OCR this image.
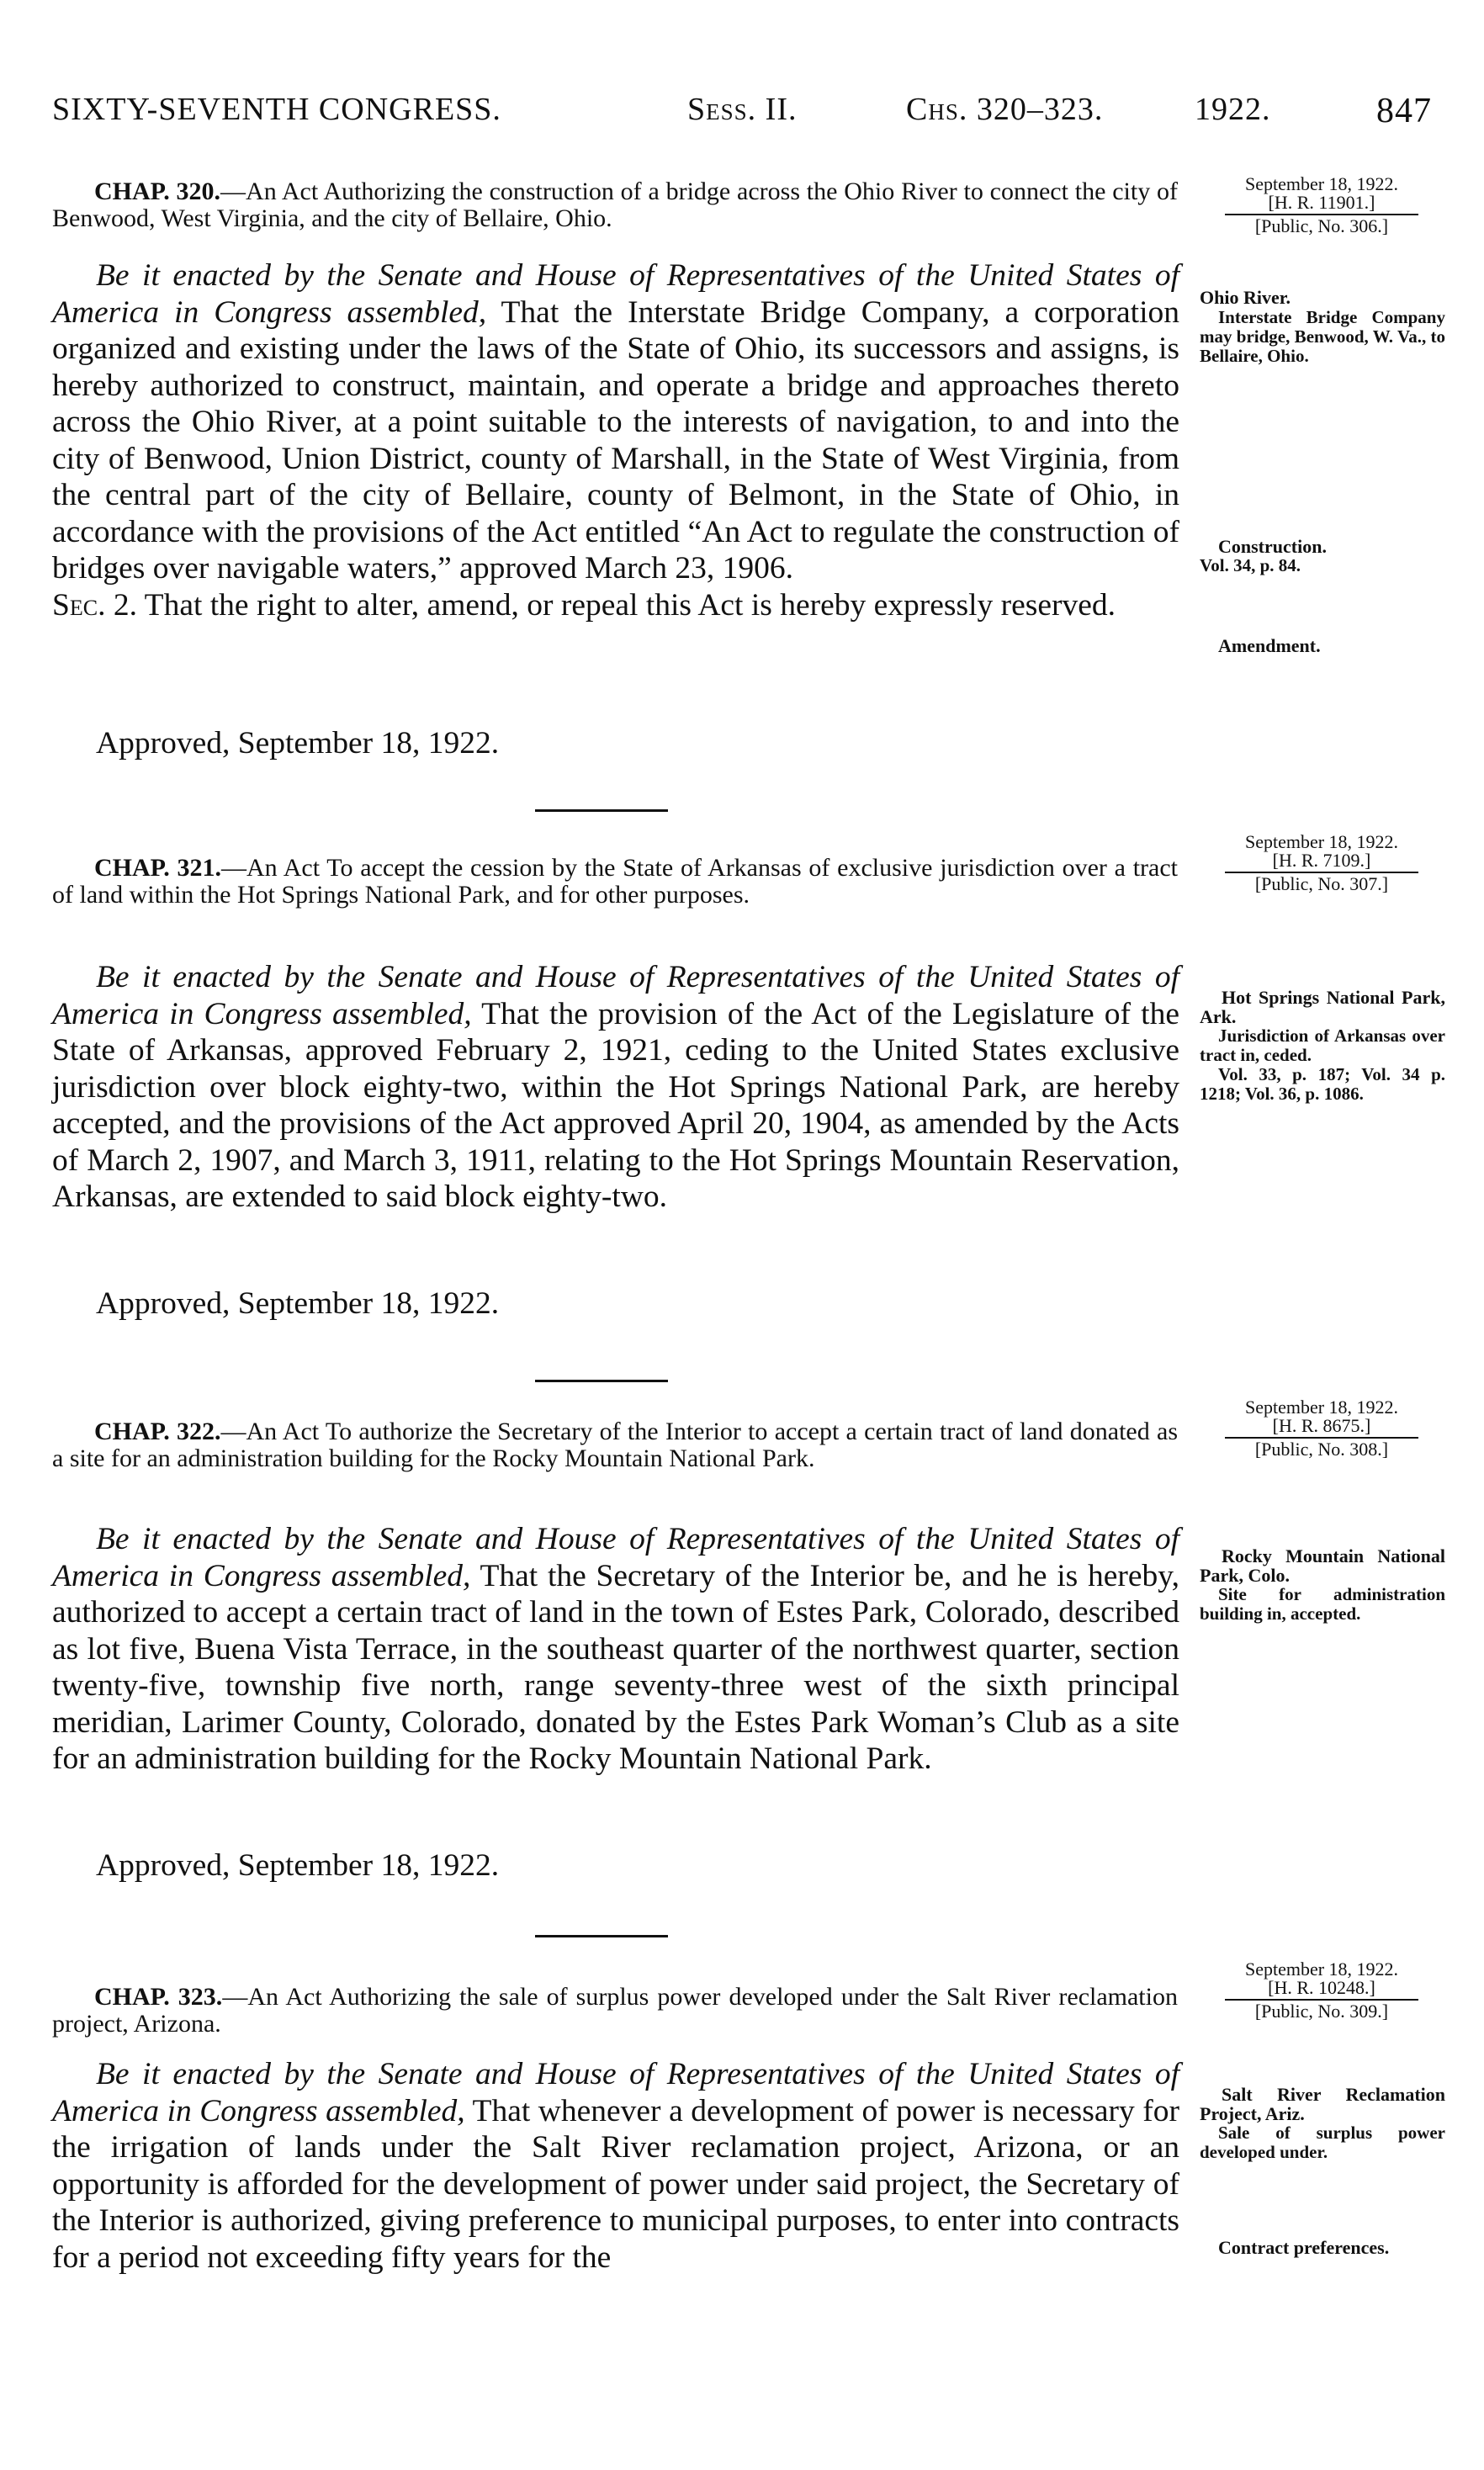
SIXTY-SEVENTH CONGRESS.	Sess. II.	Chs. 320–323.	1922.	847
September 18, 1922.
[H. R. 11901.]
[Public, No. 306.]
CHAP. 320.—An Act Authorizing the construction of a bridge across the Ohio River to connect the city of Benwood, West Virginia, and the city of Bellaire, Ohio.
Be it enacted by the Senate and House of Representatives of the United States of America in Congress assembled, That the Interstate Bridge Company, a corporation organized and existing under the laws of the State of Ohio, its successors and assigns, is hereby authorized to construct, maintain, and operate a bridge and approaches thereto across the Ohio River, at a point suitable to the interests of navigation, to and into the city of Benwood, Union District, county of Marshall, in the State of West Virginia, from the central part of the city of Bellaire, county of Belmont, in the State of Ohio, in accordance with the provisions of the Act entitled “An Act to regulate the construction of bridges over navigable waters,” approved March 23, 1906.
Sec. 2. That the right to alter, amend, or repeal this Act is hereby expressly reserved.
Ohio River.
Interstate Bridge Company may bridge, Benwood, W. Va., to Bellaire, Ohio.
Construction.
Vol. 34, p. 84.
Amendment.
Approved, September 18, 1922.
September 18, 1922.
[H. R. 7109.]
[Public, No. 307.]
CHAP. 321.—An Act To accept the cession by the State of Arkansas of exclusive jurisdiction over a tract of land within the Hot Springs National Park, and for other purposes.
Be it enacted by the Senate and House of Representatives of the United States of America in Congress assembled, That the provision of the Act of the Legislature of the State of Arkansas, approved February 2, 1921, ceding to the United States exclusive jurisdiction over block eighty-two, within the Hot Springs National Park, are hereby accepted, and the provisions of the Act approved April 20, 1904, as amended by the Acts of March 2, 1907, and March 3, 1911, relating to the Hot Springs Mountain Reservation, Arkansas, are extended to said block eighty-two.
Hot Springs National Park, Ark.
Jurisdiction of Arkansas over tract in, ceded.
Vol. 33, p. 187; Vol. 34 p. 1218; Vol. 36, p. 1086.
Approved, September 18, 1922.
September 18, 1922.
[H. R. 8675.]
[Public, No. 308.]
CHAP. 322.—An Act To authorize the Secretary of the Interior to accept a certain tract of land donated as a site for an administration building for the Rocky Mountain National Park.
Be it enacted by the Senate and House of Representatives of the United States of America in Congress assembled, That the Secretary of the Interior be, and he is hereby, authorized to accept a certain tract of land in the town of Estes Park, Colorado, described as lot five, Buena Vista Terrace, in the southeast quarter of the northwest quarter, section twenty-five, township five north, range seventy-three west of the sixth principal meridian, Larimer County, Colorado, donated by the Estes Park Woman’s Club as a site for an administration building for the Rocky Mountain National Park.
Rocky Mountain National Park, Colo.
Site for administration building in, accepted.
Approved, September 18, 1922.
September 18, 1922.
[H. R. 10248.]
[Public, No. 309.]
CHAP. 323.—An Act Authorizing the sale of surplus power developed under the Salt River reclamation project, Arizona.
Be it enacted by the Senate and House of Representatives of the United States of America in Congress assembled, That whenever a development of power is necessary for the irrigation of lands under the Salt River reclamation project, Arizona, or an opportunity is afforded for the development of power under said project, the Secretary of the Interior is authorized, giving preference to municipal purposes, to enter into contracts for a period not exceeding fifty years for the
Salt River Reclamation Project, Ariz.
Sale of surplus power developed under.
Contract preferences.
